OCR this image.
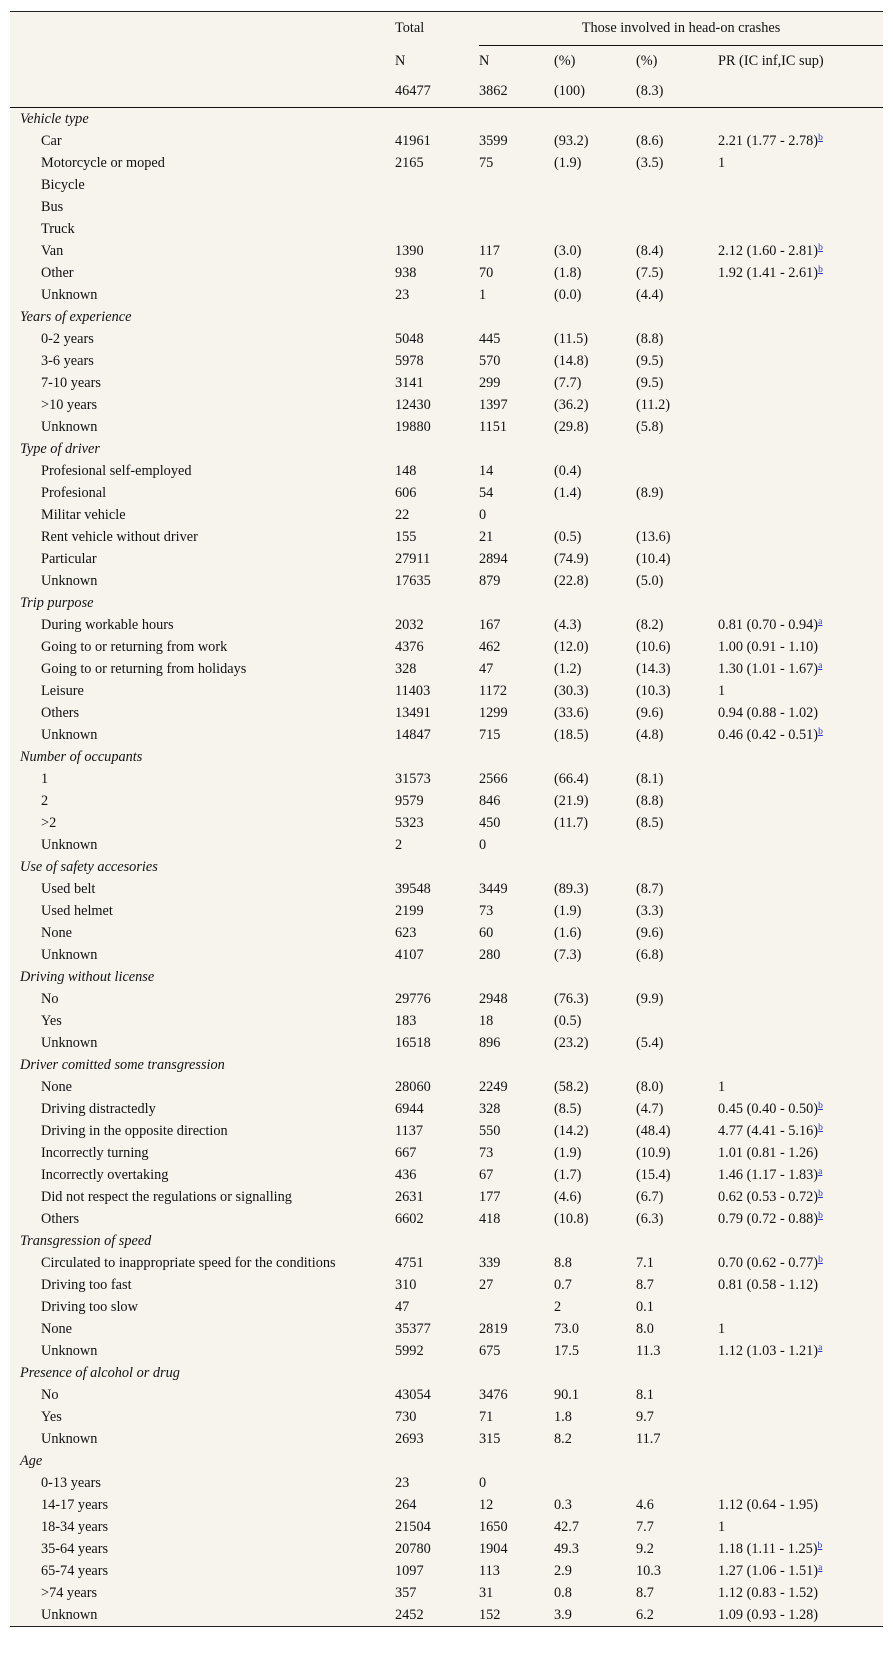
	Total	Those involved in head-on crashes			
	N	N	(%)	(%)	PR (IC inf,IC sup)
	46477	3862	(100)	(8.3)	
Vehicle type					
Car	41961	3599	(93.2)	(8.6)	2.21 (1.77 - 2.78)$^b$
Motorcycle or moped	2165	75	(1.9)	(3.5)	1
Bicycle					
Bus					
Truck					
Van	1390	117	(3.0)	(8.4)	2.12 (1.60 - 2.81)$^b$
Other	938	70	(1.8)	(7.5)	1.92 (1.41 - 2.61)$^b$
Unknown	23	1	(0.0)	(4.4)	
Years of experience					
0-2 years	5048	445	(11.5)	(8.8)	
3-6 years	5978	570	(14.8)	(9.5)	
7-10 years	3141	299	(7.7)	(9.5)	
>10 years	12430	1397	(36.2)	(11.2)	
Unknown	19880	1151	(29.8)	(5.8)	
Type of driver					
Profesional self-employed	148	14	(0.4)		
Profesional	606	54	(1.4)	(8.9)	
Militar vehicle	22	0			
Rent vehicle without driver	155	21	(0.5)	(13.6)	
Particular	27911	2894	(74.9)	(10.4)	
Unknown	17635	879	(22.8)	(5.0)	
Trip purpose					
During workable hours	2032	167	(4.3)	(8.2)	0.81 (0.70 - 0.94)$^a$
Going to or returning from work	4376	462	(12.0)	(10.6)	1.00 (0.91 - 1.10)
Going to or returning from holidays	328	47	(1.2)	(14.3)	1.30 (1.01 - 1.67)$^a$
Leisure	11403	1172	(30.3)	(10.3)	1
Others	13491	1299	(33.6)	(9.6)	0.94 (0.88 - 1.02)
Unknown	14847	715	(18.5)	(4.8)	0.46 (0.42 - 0.51)$^b$
Number of occupants					
1	31573	2566	(66.4)	(8.1)	
2	9579	846	(21.9)	(8.8)	
>2	5323	450	(11.7)	(8.5)	
Unknown	2	0			
Use of safety accesories					
Used belt	39548	3449	(89.3)	(8.7)	
Used helmet	2199	73	(1.9)	(3.3)	
None	623	60	(1.6)	(9.6)	
Unknown	4107	280	(7.3)	(6.8)	
Driving without license					
No	29776	2948	(76.3)	(9.9)	
Yes	183	18	(0.5)		
Unknown	16518	896	(23.2)	(5.4)	
Driver comitted some transgression					
None	28060	2249	(58.2)	(8.0)	1
Driving distractedly	6944	328	(8.5)	(4.7)	0.45 (0.40 - 0.50)$^b$
Driving in the opposite direction	1137	550	(14.2)	(48.4)	4.77 (4.41 - 5.16)$^b$
Incorrectly turning	667	73	(1.9)	(10.9)	1.01 (0.81 - 1.26)
Incorrectly overtaking	436	67	(1.7)	(15.4)	1.46 (1.17 - 1.83)$^a$
Did not respect the regulations or signalling	2631	177	(4.6)	(6.7)	0.62 (0.53 - 0.72)$^b$
Others	6602	418	(10.8)	(6.3)	0.79 (0.72 - 0.88)$^b$
Transgression of speed					
Circulated to inappropriate speed for the conditions	4751	339	8.8	7.1	0.70 (0.62 - 0.77)$^b$
Driving too fast	310	27	0.7	8.7	0.81 (0.58 - 1.12)
Driving too slow	47		2	0.1	
None	35377	2819	73.0	8.0	1
Unknown	5992	675	17.5	11.3	1.12 (1.03 - 1.21)$^a$
Presence of alcohol or drug					
No	43054	3476	90.1	8.1	
Yes	730	71	1.8	9.7	
Unknown	2693	315	8.2	11.7	
Age					
0-13 years	23	0			
14-17 years	264	12	0.3	4.6	1.12 (0.64 - 1.95)
18-34 years	21504	1650	42.7	7.7	1
35-64 years	20780	1904	49.3	9.2	1.18 (1.11 - 1.25)$^b$
65-74 years	1097	113	2.9	10.3	1.27 (1.06 - 1.51)$^a$
>74 years	357	31	0.8	8.7	1.12 (0.83 - 1.52)
Unknown	2452	152	3.9	6.2	1.09 (0.93 - 1.28)
